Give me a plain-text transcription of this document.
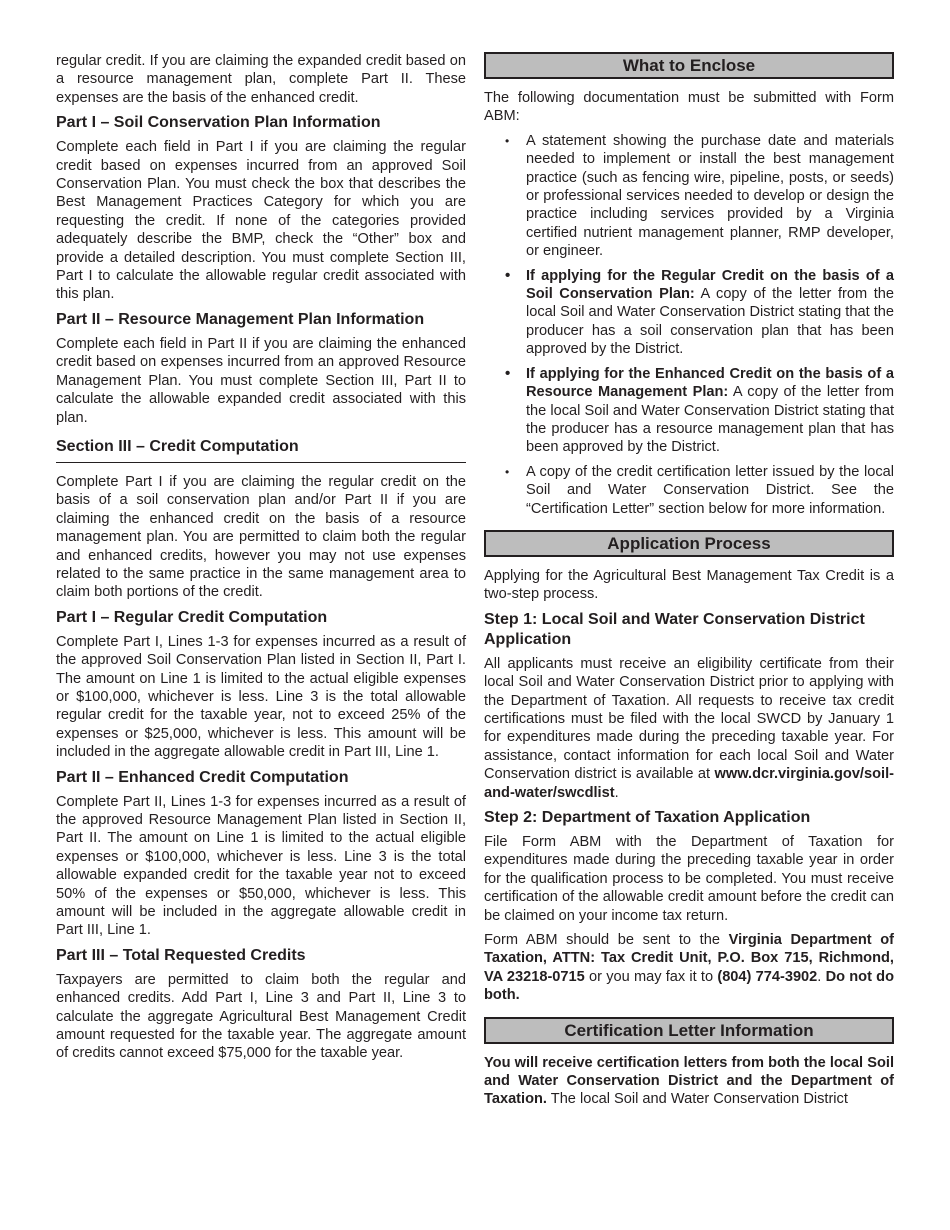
regular credit. If you are claiming the expanded credit based on a resource management plan, complete Part II. These expenses are the basis of the enhanced credit.

Part I – Soil Conservation Plan Information

Complete each field in Part I if you are claiming the regular credit based on expenses incurred from an approved Soil Conservation Plan. You must check the box that describes the Best Management Practices Category for which you are requesting the credit. If none of the categories provided adequately describe the BMP, check the “Other” box and provide a detailed description. You must complete Section III, Part I to calculate the allowable regular credit associated with this plan.

Part II – Resource Management Plan Information

Complete each field in Part II if you are claiming the enhanced credit based on expenses incurred from an approved Resource Management Plan. You must complete Section III, Part II to calculate the allowable expanded credit associated with this plan.

Section III – Credit Computation

Complete Part I if you are claiming the regular credit on the basis of a soil conservation plan and/or Part II if you are claiming the enhanced credit on the basis of a resource management plan. You are permitted to claim both the regular and enhanced credits, however you may not use expenses related to the same practice in the same management area to claim both portions of the credit.

Part I – Regular Credit Computation

Complete Part I, Lines 1-3 for expenses incurred as a result of the approved Soil Conservation Plan listed in Section II, Part I. The amount on Line 1 is limited to the actual eligible expenses or $100,000, whichever is less. Line 3 is the total allowable regular credit for the taxable year, not to exceed 25% of the expenses or $25,000, whichever is less. This amount will be included in the aggregate allowable credit in Part III, Line 1.

Part II – Enhanced Credit Computation

Complete Part II, Lines 1-3 for expenses incurred as a result of the approved Resource Management Plan listed in Section II, Part II. The amount on Line 1 is limited to the actual eligible expenses or $100,000, whichever is less. Line 3 is the total allowable expanded credit for the taxable year not to exceed 50% of the expenses or $50,000, whichever is less. This amount will be included in the aggregate allowable credit in Part III, Line 1.

Part III – Total Requested Credits

Taxpayers are permitted to claim both the regular and enhanced credits. Add Part I, Line 3 and Part II, Line 3 to calculate the aggregate Agricultural Best Management Credit amount requested for the taxable year. The aggregate amount of credits cannot exceed $75,000 for the taxable year.

What to Enclose

The following documentation must be submitted with Form ABM:

• A statement showing the purchase date and materials needed to implement or install the best management practice (such as fencing wire, pipeline, posts, or seeds) or professional services needed to develop or design the practice including services provided by a Virginia certified nutrient management planner, RMP developer, or engineer.
• If applying for the Regular Credit on the basis of a Soil Conservation Plan: A copy of the letter from the local Soil and Water Conservation District stating that the producer has a soil conservation plan that has been approved by the District.
• If applying for the Enhanced Credit on the basis of a Resource Management Plan: A copy of the letter from the local Soil and Water Conservation District stating that the producer has a resource management plan that has been approved by the District.
• A copy of the credit certification letter issued by the local Soil and Water Conservation District. See the “Certification Letter” section below for more information.
Application Process

Applying for the Agricultural Best Management Tax Credit is a two-step process.

Step 1: Local Soil and Water Conservation District Application

All applicants must receive an eligibility certificate from their local Soil and Water Conservation District prior to applying with the Department of Taxation. All requests to receive tax credit certifications must be filed with the local SWCD by January 1 for expenditures made during the preceding taxable year. For assistance, contact information for each local Soil and Water Conservation district is available at www.dcr.virginia.gov/soil-and-water/swcdlist.

Step 2: Department of Taxation Application

File Form ABM with the Department of Taxation for expenditures made during the preceding taxable year in order for the qualification process to be completed. You must receive certification of the allowable credit amount before the credit can be claimed on your income tax return.

Form ABM should be sent to the Virginia Department of Taxation, ATTN: Tax Credit Unit, P.O. Box 715, Richmond, VA 23218-0715 or you may fax it to (804) 774-3902. Do not do both.

Certification Letter Information

You will receive certification letters from both the local Soil and Water Conservation District and the Department of Taxation. The local Soil and Water Conservation District
